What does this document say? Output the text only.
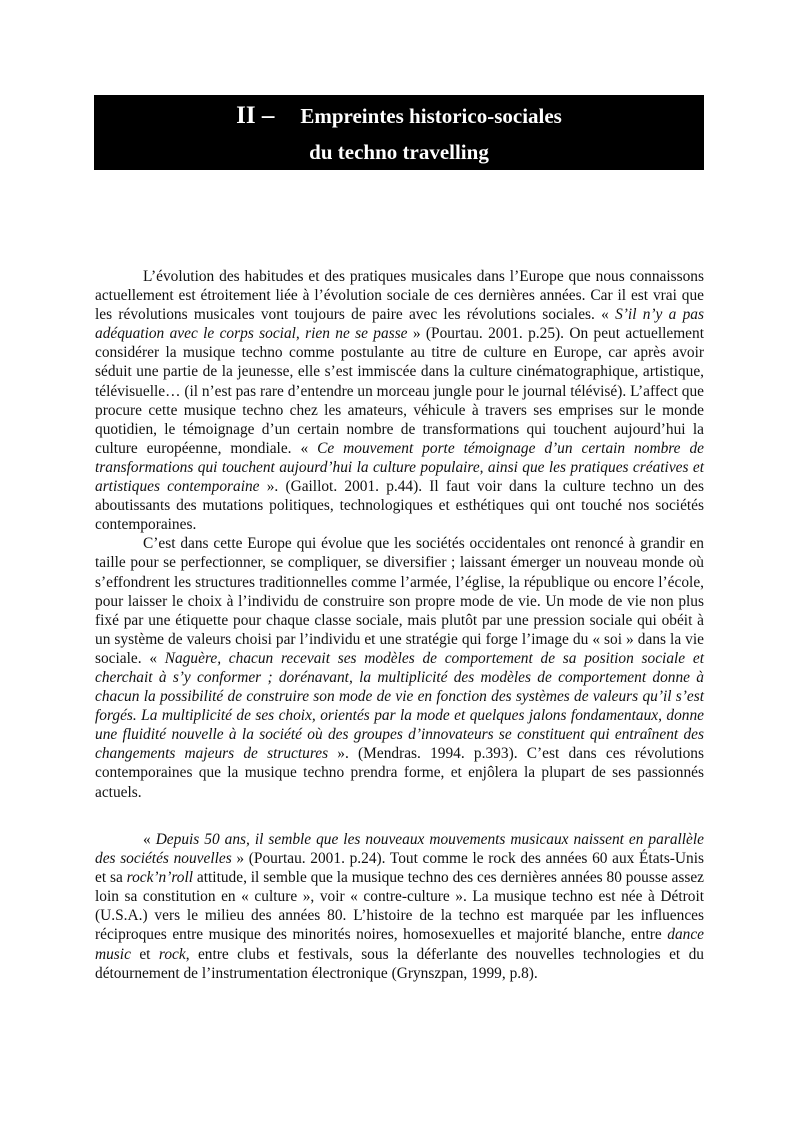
II – Empreintes historico-sociales
du techno travelling

L’évolution des habitudes et des pratiques musicales dans l’Europe que nous connaissons actuellement est étroitement liée à l’évolution sociale de ces dernières années. Car il est vrai que les révolutions musicales vont toujours de paire avec les révolutions sociales. « S’il n’y a pas adéquation avec le corps social, rien ne se passe » (Pourtau. 2001. p.25). On peut actuellement considérer la musique techno comme postulante au titre de culture en Europe, car après avoir séduit une partie de la jeunesse, elle s’est immiscée dans la culture cinématographique, artistique, télévisuelle… (il n’est pas rare d’entendre un morceau jungle pour le journal télévisé). L’affect que procure cette musique techno chez les amateurs, véhicule à travers ses emprises sur le monde quotidien, le témoignage d’un certain nombre de transformations qui touchent aujourd’hui la culture européenne, mondiale. « Ce mouvement porte témoignage d’un certain nombre de transformations qui touchent aujourd’hui la culture populaire, ainsi que les pratiques créatives et artistiques contemporaine ». (Gaillot. 2001. p.44). Il faut voir dans la culture techno un des aboutissants des mutations politiques, technologiques et esthétiques qui ont touché nos sociétés contemporaines.

C’est dans cette Europe qui évolue que les sociétés occidentales ont renoncé à grandir en taille pour se perfectionner, se compliquer, se diversifier ; laissant émerger un nouveau monde où s’effondrent les structures traditionnelles comme l’armée, l’église, la république ou encore l’école, pour laisser le choix à l’individu de construire son propre mode de vie. Un mode de vie non plus fixé par une étiquette pour chaque classe sociale, mais plutôt par une pression sociale qui obéit à un système de valeurs choisi par l’individu et une stratégie qui forge l’image du « soi » dans la vie sociale. « Naguère, chacun recevait ses modèles de comportement de sa position sociale et cherchait à s’y conformer ; dorénavant, la multiplicité des modèles de comportement donne à chacun la possibilité de construire son mode de vie en fonction des systèmes de valeurs qu’il s’est forgés. La multiplicité de ses choix, orientés par la mode et quelques jalons fondamentaux, donne une fluidité nouvelle à la société où des groupes d’innovateurs se constituent qui entraînent des changements majeurs de structures ». (Mendras. 1994. p.393). C’est dans ces révolutions contemporaines que la musique techno prendra forme, et enjôlera la plupart de ses passionnés actuels.

« Depuis 50 ans, il semble que les nouveaux mouvements musicaux naissent en parallèle des sociétés nouvelles » (Pourtau. 2001. p.24). Tout comme le rock des années 60 aux États-Unis et sa rock’n’roll attitude, il semble que la musique techno des ces dernières années 80 pousse assez loin sa constitution en « culture », voir « contre-culture ». La musique techno est née à Détroit (U.S.A.) vers le milieu des années 80. L’histoire de la techno est marquée par les influences réciproques entre musique des minorités noires, homosexuelles et majorité blanche, entre dance music et rock, entre clubs et festivals, sous la déferlante des nouvelles technologies et du détournement de l’instrumentation électronique (Grynszpan, 1999, p.8).
